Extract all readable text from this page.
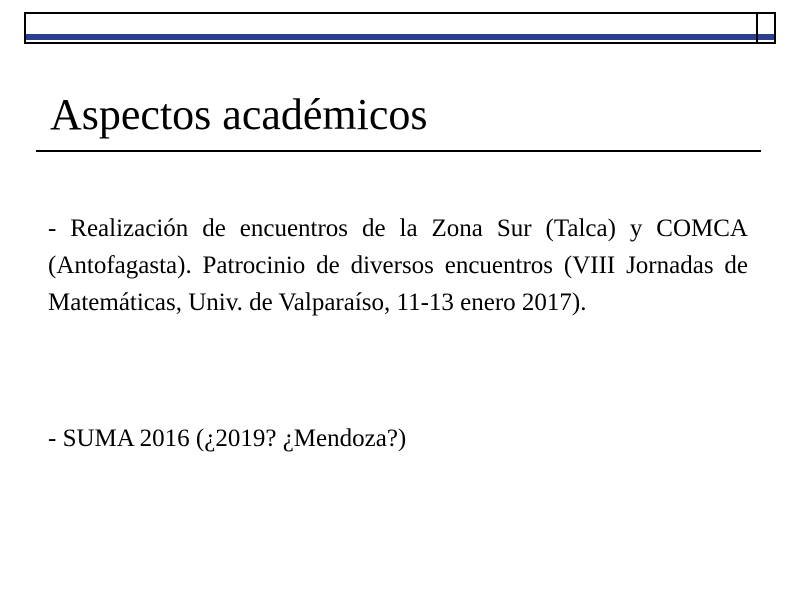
Aspectos académicos

- Realización de encuentros de la Zona Sur (Talca) y COMCA (Antofagasta). Patrocinio de diversos encuentros (VIII Jornadas de Matemáticas, Univ. de Valparaíso, 11-13 enero 2017).

- SUMA 2016 (¿2019? ¿Mendoza?)
